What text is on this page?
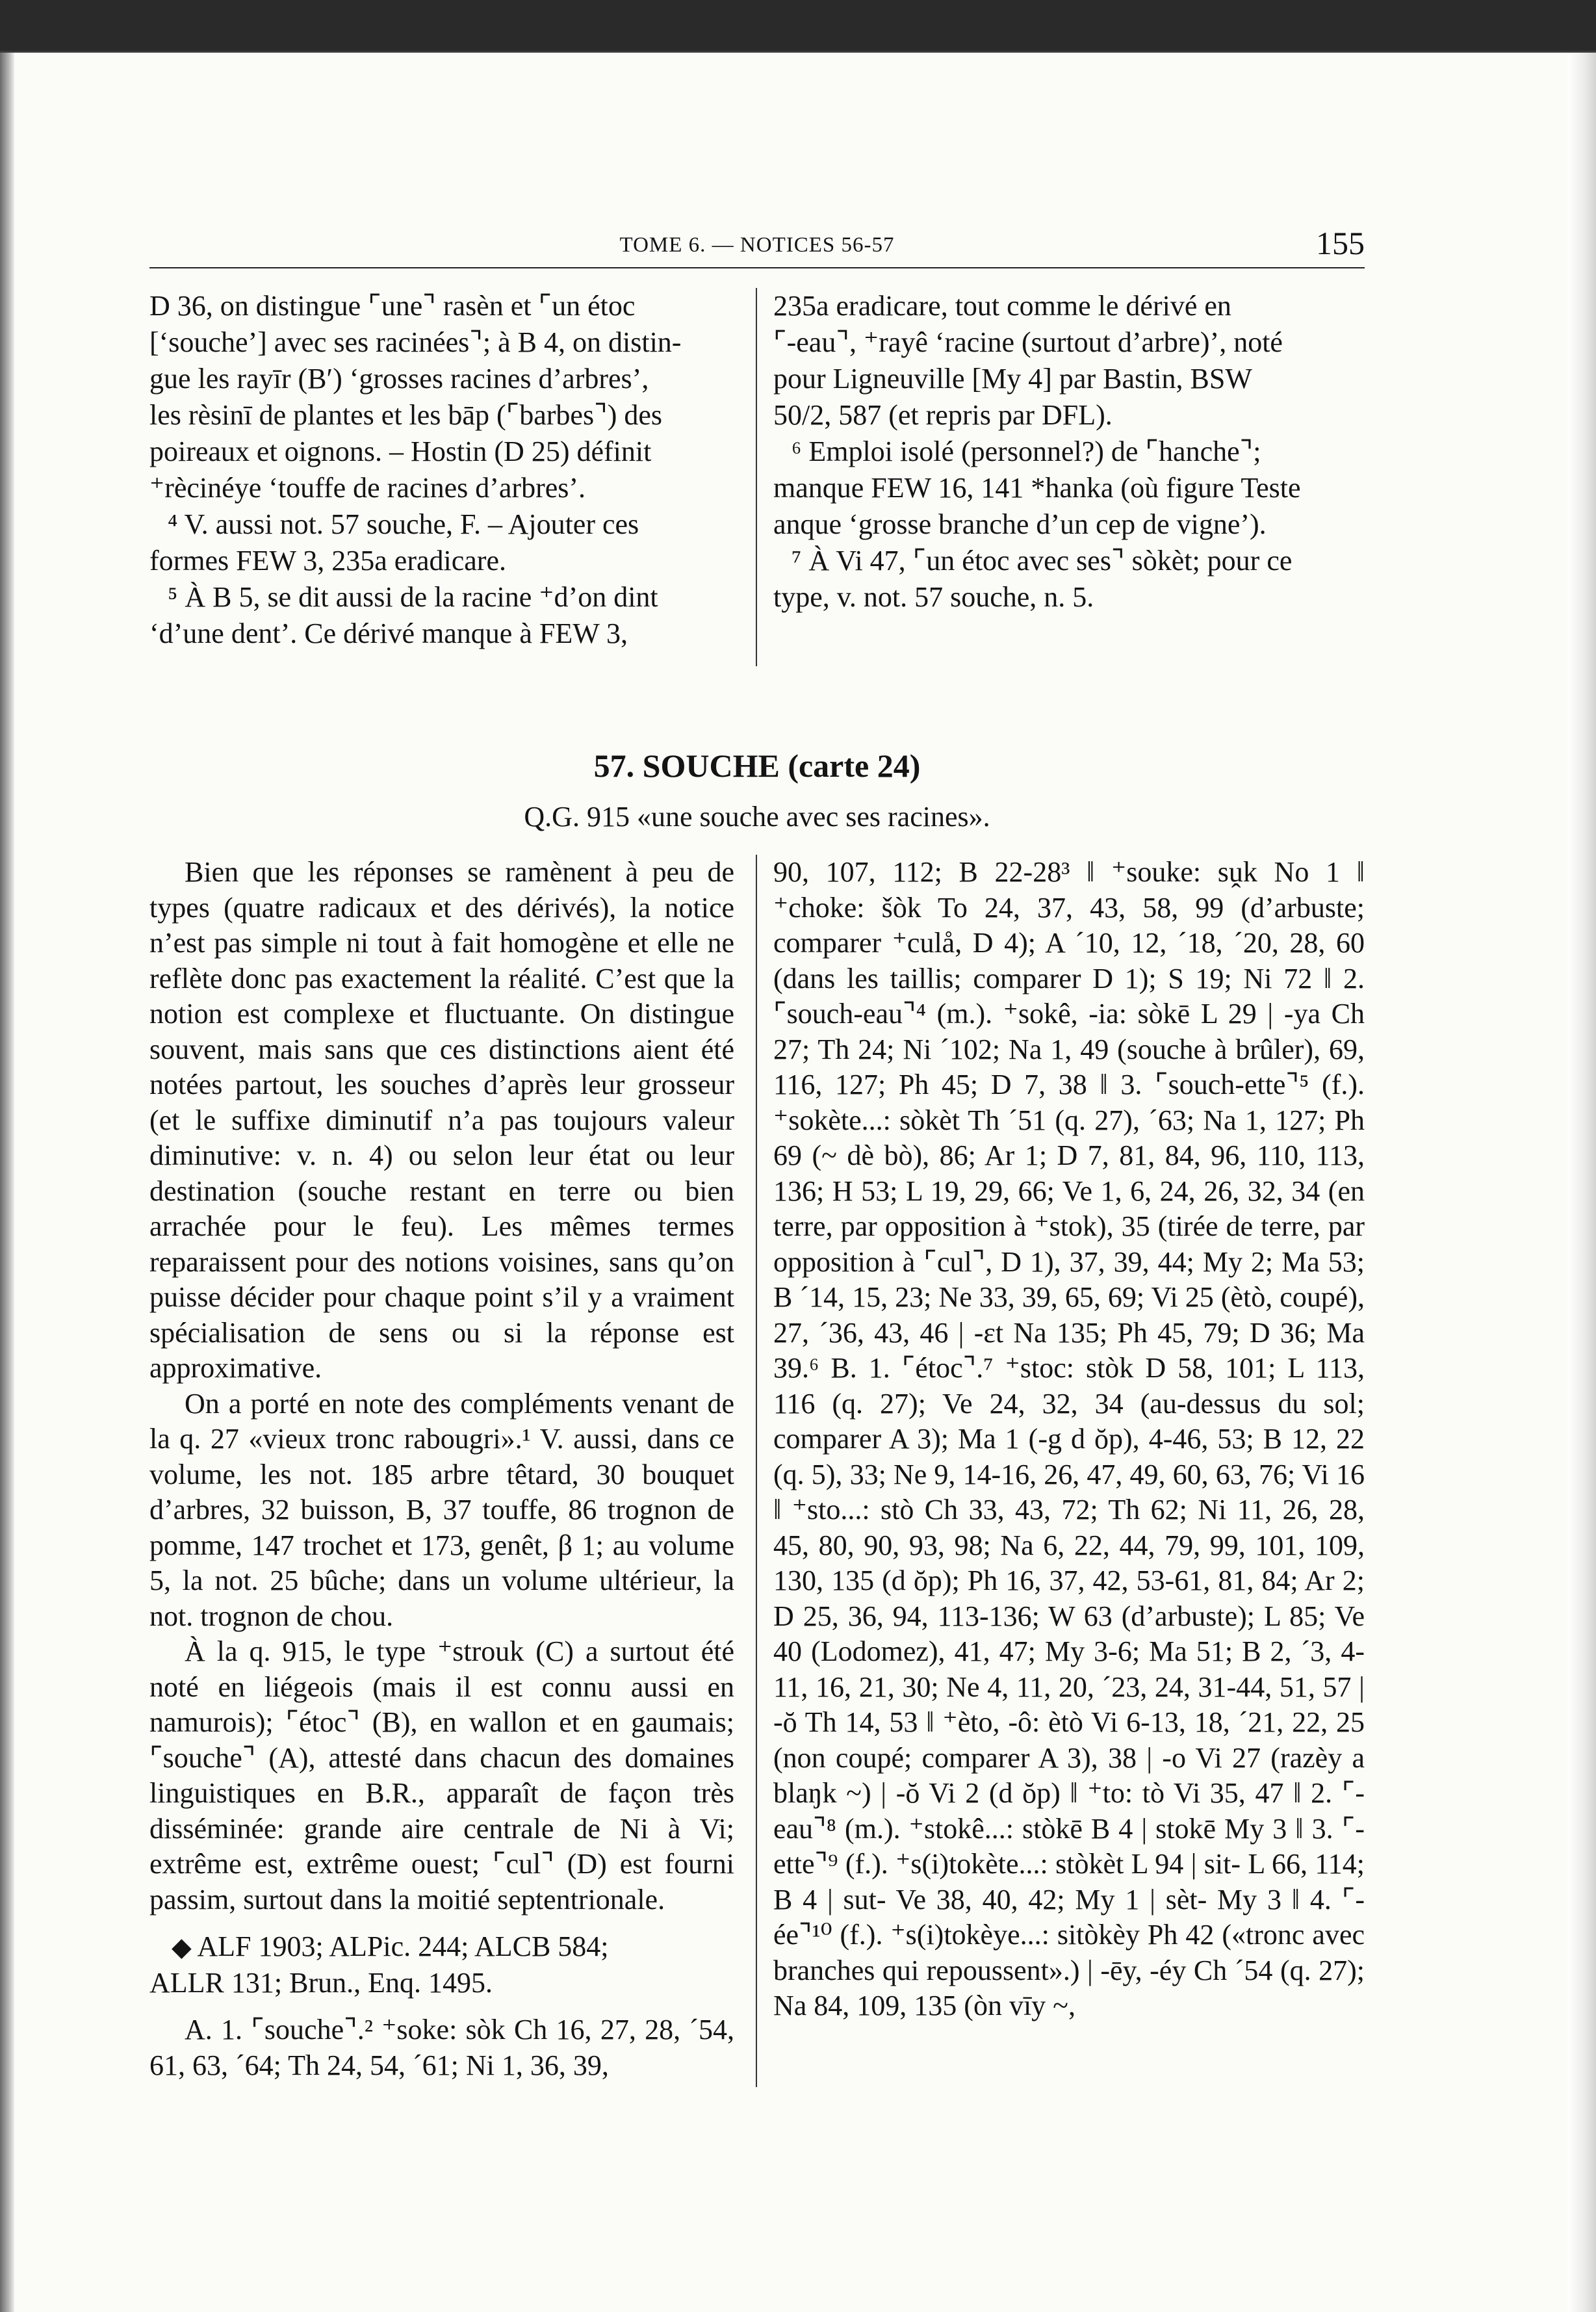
TOME 6. — NOTICES 56-57	155
D 36, on distingue ⌜une⌝ rasèn et ⌜un étoc
[‘souche’] avec ses racinées⌝; à B 4, on distin-
gue les rayīr (B′) ‘grosses racines d’arbres’,
les rèsinī de plantes et les bāp (⌜barbes⌝) des
poireaux et oignons. – Hostin (D 25) définit
⁺rècinéye ‘touffe de racines d’arbres’.
⁴ V. aussi not. 57 souche, F. – Ajouter ces
formes FEW 3, 235a eradicare.
⁵ À B 5, se dit aussi de la racine ⁺d’on dint
‘d’une dent’. Ce dérivé manque à FEW 3,
235a eradicare, tout comme le dérivé en
⌜-eau⌝, ⁺rayê ‘racine (surtout d’arbre)’, noté
pour Ligneuville [My 4] par Bastin, BSW
50/2, 587 (et repris par DFL).
⁶ Emploi isolé (personnel?) de ⌜hanche⌝;
manque FEW 16, 141 *hanka (où figure Teste
anque ‘grosse branche d’un cep de vigne’).
⁷ À Vi 47, ⌜un étoc avec ses⌝ sòkèt; pour ce
type, v. not. 57 souche, n. 5.
57. SOUCHE (carte 24)
Q.G. 915 «une souche avec ses racines».

Bien que les réponses se ramènent à peu de types (quatre radicaux et des dérivés), la notice n’est pas simple ni tout à fait homogène et elle ne reflète donc pas exactement la réalité. C’est que la notion est complexe et fluctuante. On distingue souvent, mais sans que ces distinctions aient été notées partout, les souches d’après leur grosseur (et le suffixe diminutif n’a pas toujours valeur diminutive: v. n. 4) ou selon leur état ou leur destination (souche restant en terre ou bien arrachée pour le feu). Les mêmes termes reparaissent pour des notions voisines, sans qu’on puisse décider pour chaque point s’il y a vraiment spécialisation de sens ou si la réponse est approximative.

On a porté en note des compléments venant de la q. 27 «vieux tronc rabougri».¹ V. aussi, dans ce volume, les not. 185 arbre têtard, 30 bouquet d’arbres, 32 buisson, B, 37 touffe, 86 trognon de pomme, 147 trochet et 173, genêt, β 1; au volume 5, la not. 25 bûche; dans un volume ultérieur, la not. trognon de chou.

À la q. 915, le type ⁺strouk (C) a surtout été noté en liégeois (mais il est connu aussi en namurois); ⌜étoc⌝ (B), en wallon et en gaumais; ⌜souche⌝ (A), attesté dans chacun des domaines linguistiques en B.R., apparaît de façon très disséminée: grande aire centrale de Ni à Vi; extrême est, extrême ouest; ⌜cul⌝ (D) est fourni passim, surtout dans la moitié septentrionale.

◆ ALF 1903; ALPic. 244; ALCB 584;
ALLR 131; Brun., Enq. 1495.

A. 1. ⌜souche⌝.² ⁺soke: sòk Ch 16, 27, 28, ´54, 61, 63, ´64; Th 24, 54, ´61; Ni 1, 36, 39,

90, 107, 112; B 22-28³ ‖ ⁺souke: sṷk No 1 ‖ ⁺choke: šòk To 24, 37, 43, 58, 99 (d’arbuste; comparer ⁺culå, D 4); A ´10, 12, ´18, ´20, 28, 60 (dans les taillis; comparer D 1); S 19; Ni 72 ‖ 2. ⌜souch-eau⌝⁴ (m.). ⁺sokê, -ia: sòkē L 29 | -ya Ch 27; Th 24; Ni ´102; Na 1, 49 (souche à brûler), 69, 116, 127; Ph 45; D 7, 38 ‖ 3. ⌜souch-ette⌝⁵ (f.). ⁺sokète...: sòkèt Th ´51 (q. 27), ´63; Na 1, 127; Ph 69 (~ dè bò), 86; Ar 1; D 7, 81, 84, 96, 110, 113, 136; H 53; L 19, 29, 66; Ve 1, 6, 24, 26, 32, 34 (en terre, par opposition à ⁺stok), 35 (tirée de terre, par opposition à ⌜cul⌝, D 1), 37, 39, 44; My 2; Ma 53; B ´14, 15, 23; Ne 33, 39, 65, 69; Vi 25 (ètò, coupé), 27, ´36, 43, 46 | -ɛt Na 135; Ph 45, 79; D 36; Ma 39.⁶ B. 1. ⌜étoc⌝.⁷ ⁺stoc: stòk D 58, 101; L 113, 116 (q. 27); Ve 24, 32, 34 (au-dessus du sol; comparer A 3); Ma 1 (-g d ŏp), 4-46, 53; B 12, 22 (q. 5), 33; Ne 9, 14-16, 26, 47, 49, 60, 63, 76; Vi 16 ‖ ⁺sto...: stò Ch 33, 43, 72; Th 62; Ni 11, 26, 28, 45, 80, 90, 93, 98; Na 6, 22, 44, 79, 99, 101, 109, 130, 135 (d ŏp); Ph 16, 37, 42, 53-61, 81, 84; Ar 2; D 25, 36, 94, 113-136; W 63 (d’arbuste); L 85; Ve 40 (Lodomez), 41, 47; My 3-6; Ma 51; B 2, ´3, 4-11, 16, 21, 30; Ne 4, 11, 20, ´23, 24, 31-44, 51, 57 | -ŏ Th 14, 53 ‖ ⁺èto, -ô: ètò Vi 6-13, 18, ´21, 22, 25 (non coupé; comparer A 3), 38 | -o Vi 27 (razèy a blaŋk ~) | -ŏ Vi 2 (d ŏp) ‖ ⁺to: tò Vi 35, 47 ‖ 2. ⌜-eau⌝⁸ (m.). ⁺stokê...: stòkē B 4 | stokē My 3 ‖ 3. ⌜-ette⌝⁹ (f.). ⁺s(i)tokète...: stòkèt L 94 | sit- L 66, 114; B 4 | sut- Ve 38, 40, 42; My 1 | sèt- My 3 ‖ 4. ⌜-ée⌝¹⁰ (f.). ⁺s(i)tokèye...: sitòkèy Ph 42 («tronc avec branches qui repoussent».) | -ēy, -éy Ch ´54 (q. 27); Na 84, 109, 135 (òn vīy ~,
